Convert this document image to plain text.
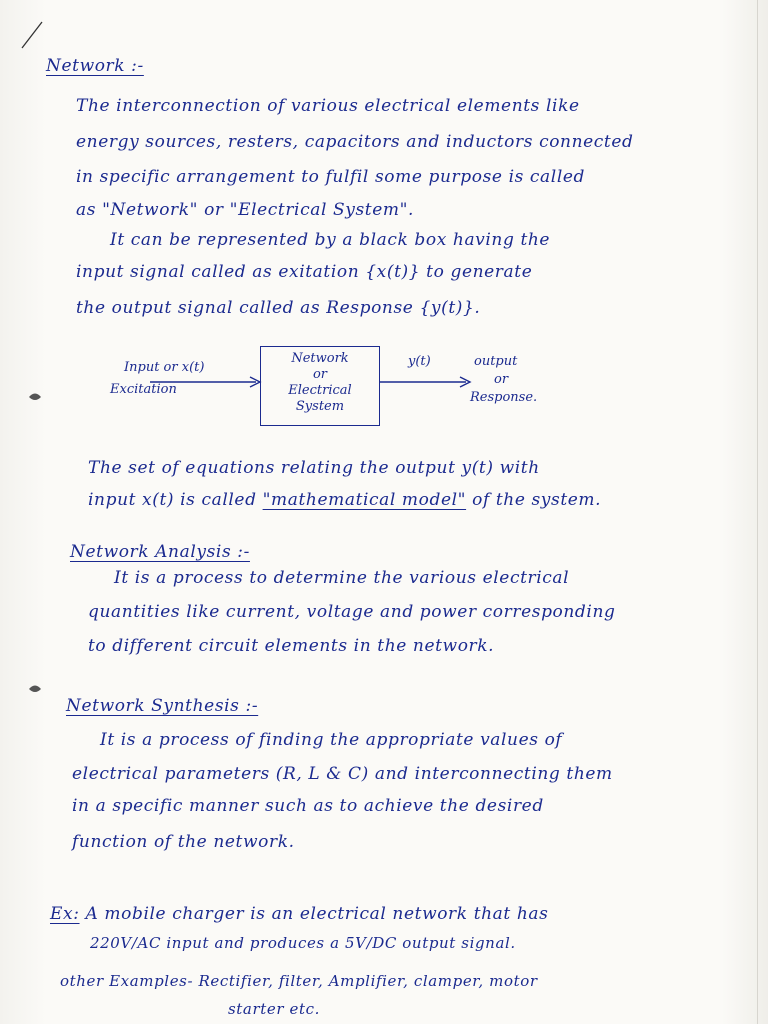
Network :-
The interconnection of various electrical elements like
energy sources, resters, capacitors and inductors connected
in specific arrangement to fulfil some purpose is called
as "Network" or "Electrical System".
It can be represented by a black box having the
input signal called as exitation {x(t)} to generate
the output signal called as Response {y(t)}.
Input or x(t)
Excitation
Network
or
Electrical
System
y(t)	output
or
Response.
The set of equations relating the output y(t) with
input x(t) is called "mathematical model" of the system.
Network Analysis :-
It is a process to determine the various electrical
quantities like current, voltage and power corresponding
to different circuit elements in the network.
Network Synthesis :-
It is a process of finding the appropriate values of
electrical parameters (R, L & C) and interconnecting them
in a specific manner such as to achieve the desired
function of the network.
Ex: A mobile charger is an electrical network that has
220V/AC input and produces a 5V/DC output signal.
other Examples- Rectifier, filter, Amplifier, clamper, motor
starter etc.
